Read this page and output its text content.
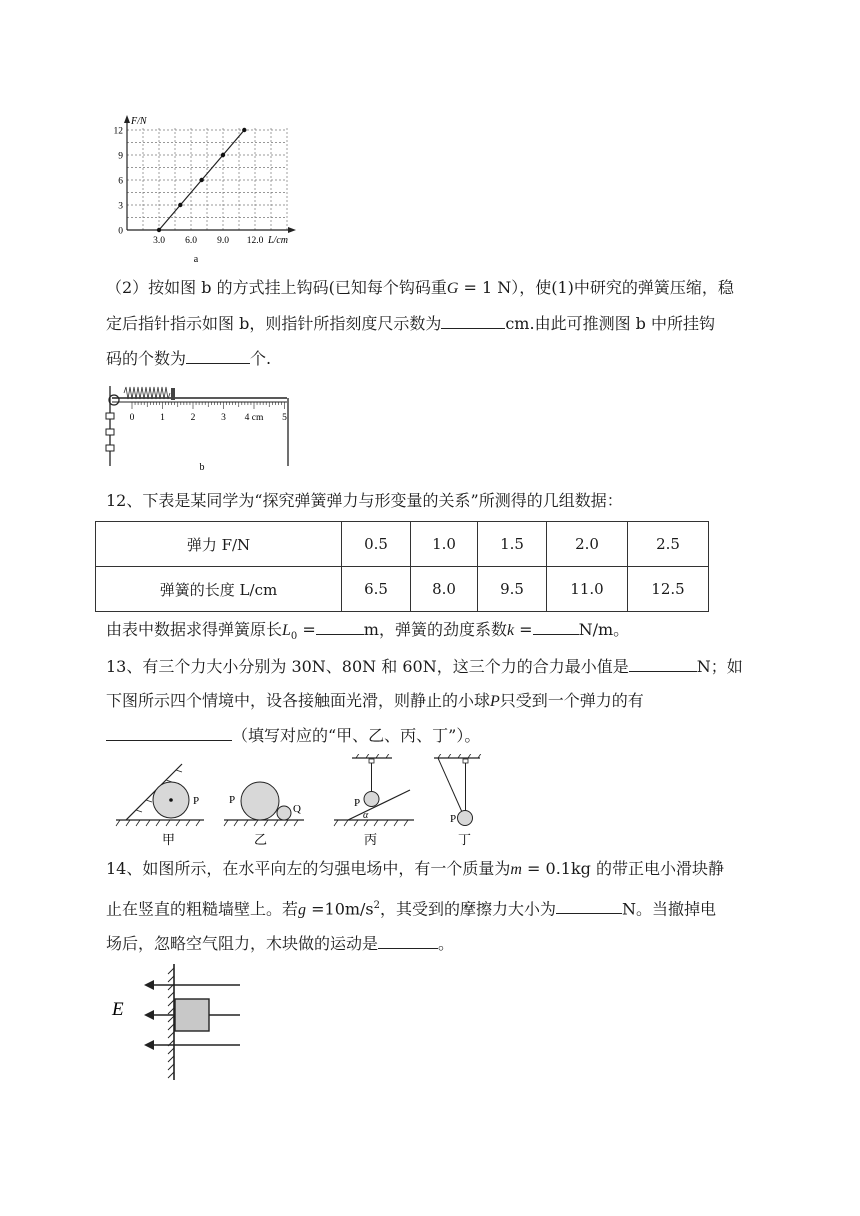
F/N
L/cm
12
9
6
3
0
3.0 6.0 9.0 12.0
a
（2）按如图 b 的方式挂上钩码(已知每个钩码重G = 1 N），使(1)中研究的弹簧压缩，稳
定后指针指示如图 b，则指针所指刻度尺示数为	cm.由此可推测图 b 中所挂钩
码的个数为	个.
0	1	2	3 4 cm 5
b
12、下表是某同学为“探究弹簧弹力与形变量的关系”所测得的几组数据：
弹力 F/N	0.5	1.0	1.5	2.0	2.5
弹簧的长度 L/cm	6.5	8.0	9.5	11.0	12.5
由表中数据求得弹簧原长$L_0$ =	m，弹簧的劲度系数k =	N/m。
13、有三个力大小分别为 30N、80N 和 60N，这三个力的合力最小值是	N；如
下图所示四个情境中，设各接触面光滑，则静止的小球P只受到一个弹力的有
（填写对应的“甲、乙、丙、丁”）。
P
甲
P
Q
乙
P
α
丙
P
丁
14、如图所示，在水平向左的匀强电场中，有一个质量为m = 0.1kg 的带正电小滑块静
止在竖直的粗糙墙壁上。若$g =10m/s^2$，其受到的摩擦力大小为	N。当撤掉电
场后，忽略空气阻力，木块做的运动是	。
E
